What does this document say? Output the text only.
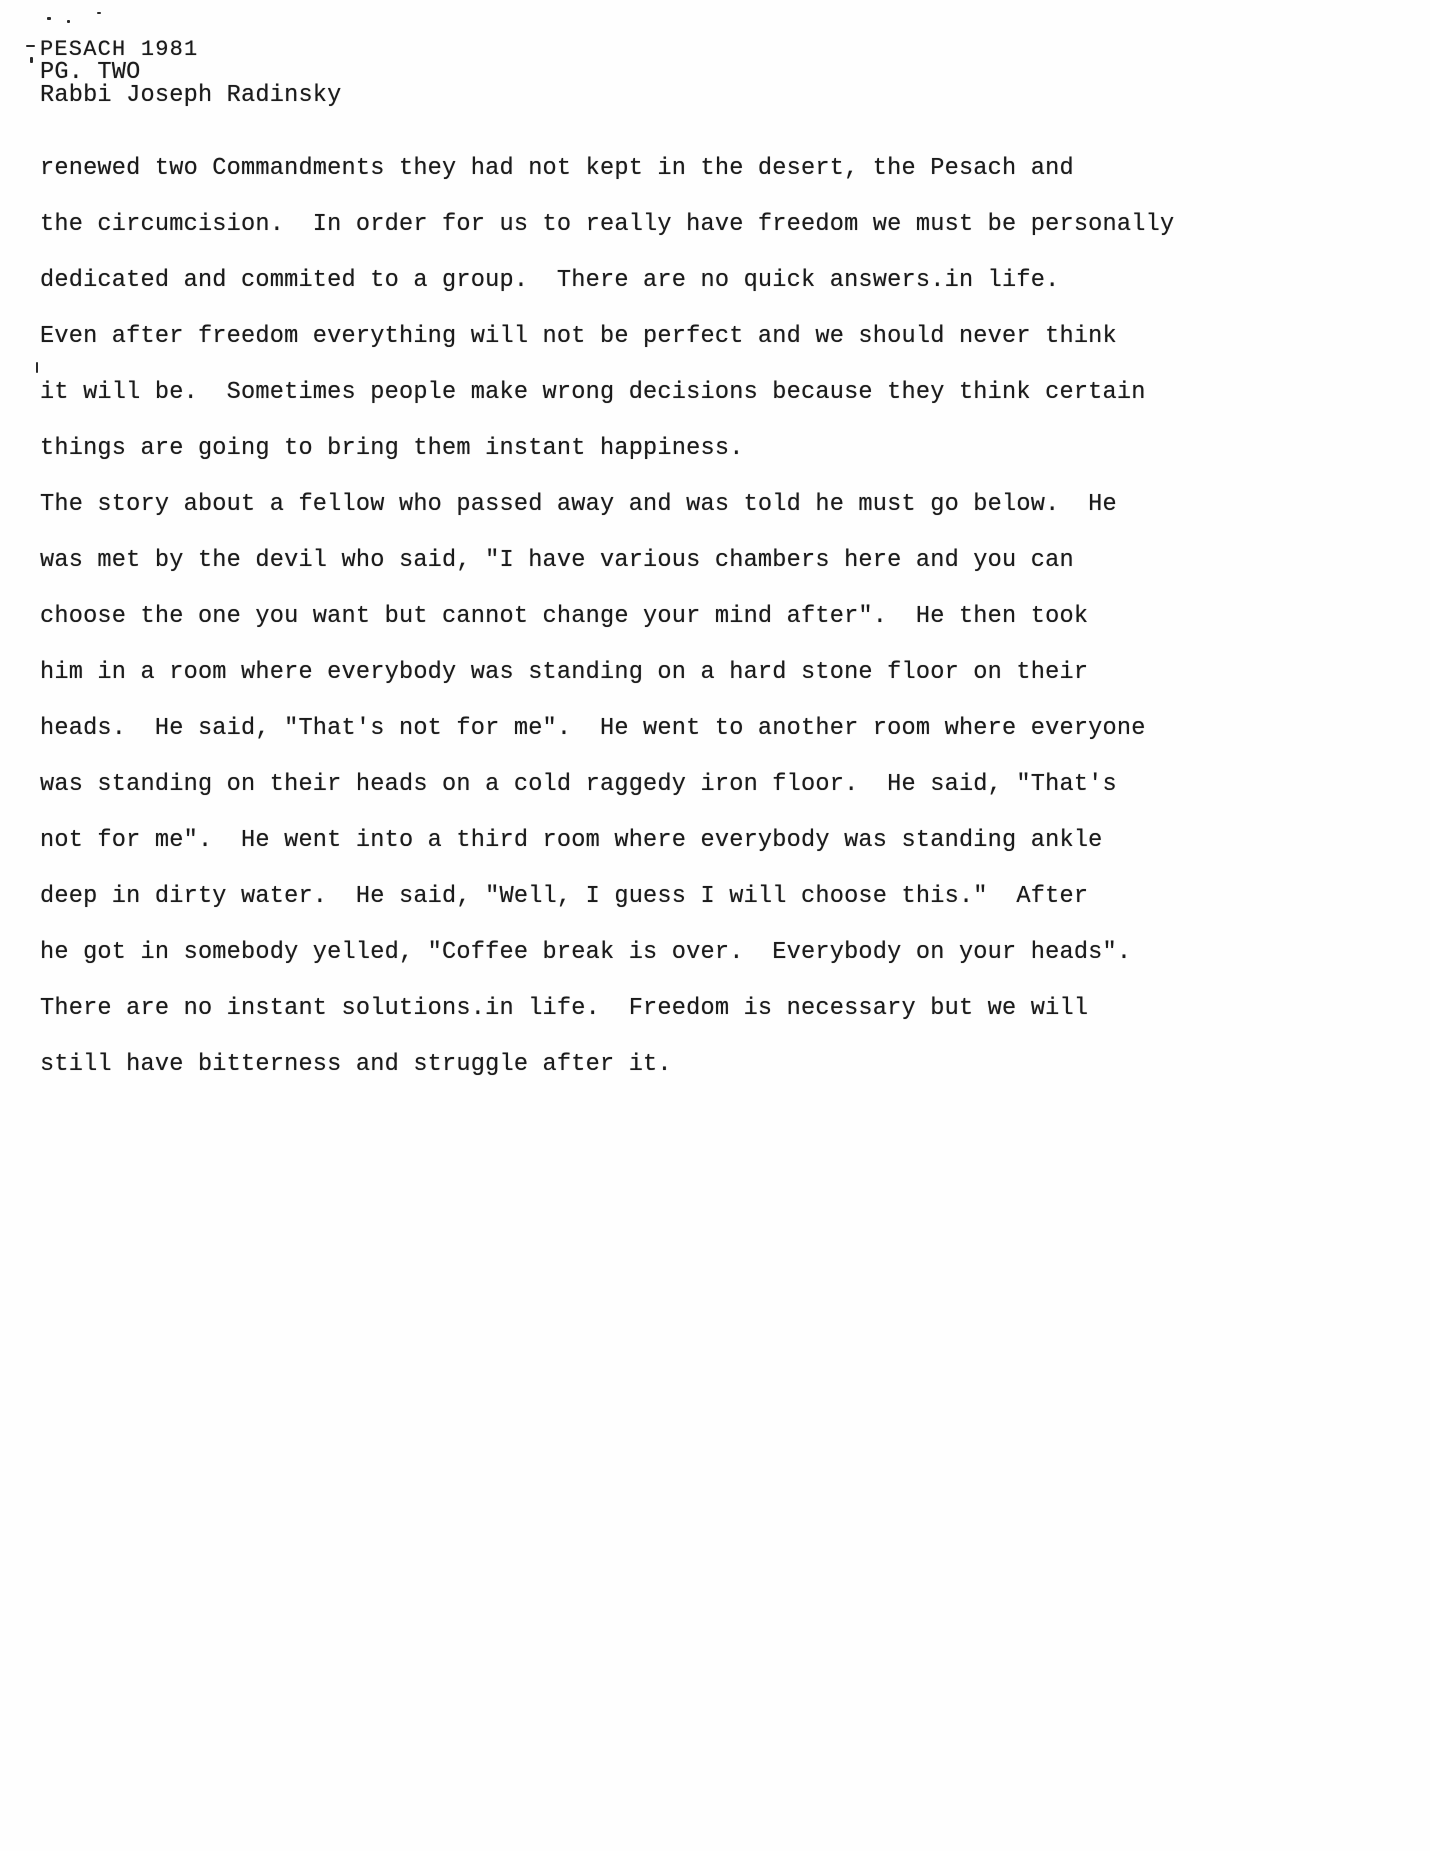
PESACH 1981
PG. TWO
Rabbi Joseph Radinsky
renewed two Commandments they had not kept in the desert, the Pesach and
the circumcision.  In order for us to really have freedom we must be personally
dedicated and commited to a group.  There are no quick answers.in life.
Even after freedom everything will not be perfect and we should never think
it will be.  Sometimes people make wrong decisions because they think certain
things are going to bring them instant happiness.
The story about a fellow who passed away and was told he must go below.  He
was met by the devil who said, "I have various chambers here and you can
choose the one you want but cannot change your mind after".  He then took
him in a room where everybody was standing on a hard stone floor on their
heads.  He said, "That's not for me".  He went to another room where everyone
was standing on their heads on a cold raggedy iron floor.  He said, "That's
not for me".  He went into a third room where everybody was standing ankle
deep in dirty water.  He said, "Well, I guess I will choose this."  After
he got in somebody yelled, "Coffee break is over.  Everybody on your heads".
There are no instant solutions.in life.  Freedom is necessary but we will
still have bitterness and struggle after it.
